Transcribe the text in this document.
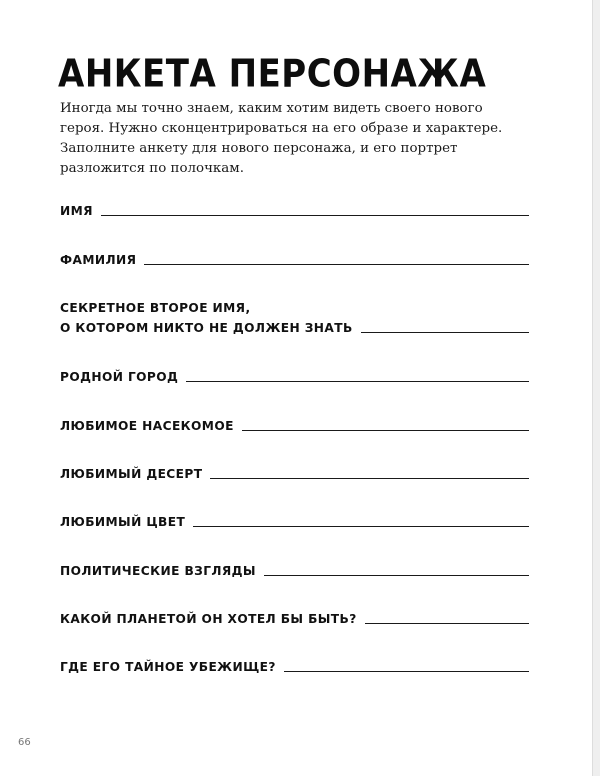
АНКЕТА ПЕРСОНАЖА

Иногда мы точно знаем, каким хотим видеть своего нового
героя. Нужно сконцентрироваться на его образе и характере.
Заполните анкету для нового персонажа, и его портрет
разложится по полочкам.

ИМЯ
ФАМИЛИЯ
СЕКРЕТНОЕ ВТОРОЕ ИМЯ,
О КОТОРОМ НИКТО НЕ ДОЛЖЕН ЗНАТЬ
РОДНОЙ ГОРОД
ЛЮБИМОЕ НАСЕКОМОЕ
ЛЮБИМЫЙ ДЕСЕРТ
ЛЮБИМЫЙ ЦВЕТ
ПОЛИТИЧЕСКИЕ ВЗГЛЯДЫ
КАКОЙ ПЛАНЕТОЙ ОН ХОТЕЛ БЫ БЫТЬ?
ГДЕ ЕГО ТАЙНОЕ УБЕЖИЩЕ?
66
